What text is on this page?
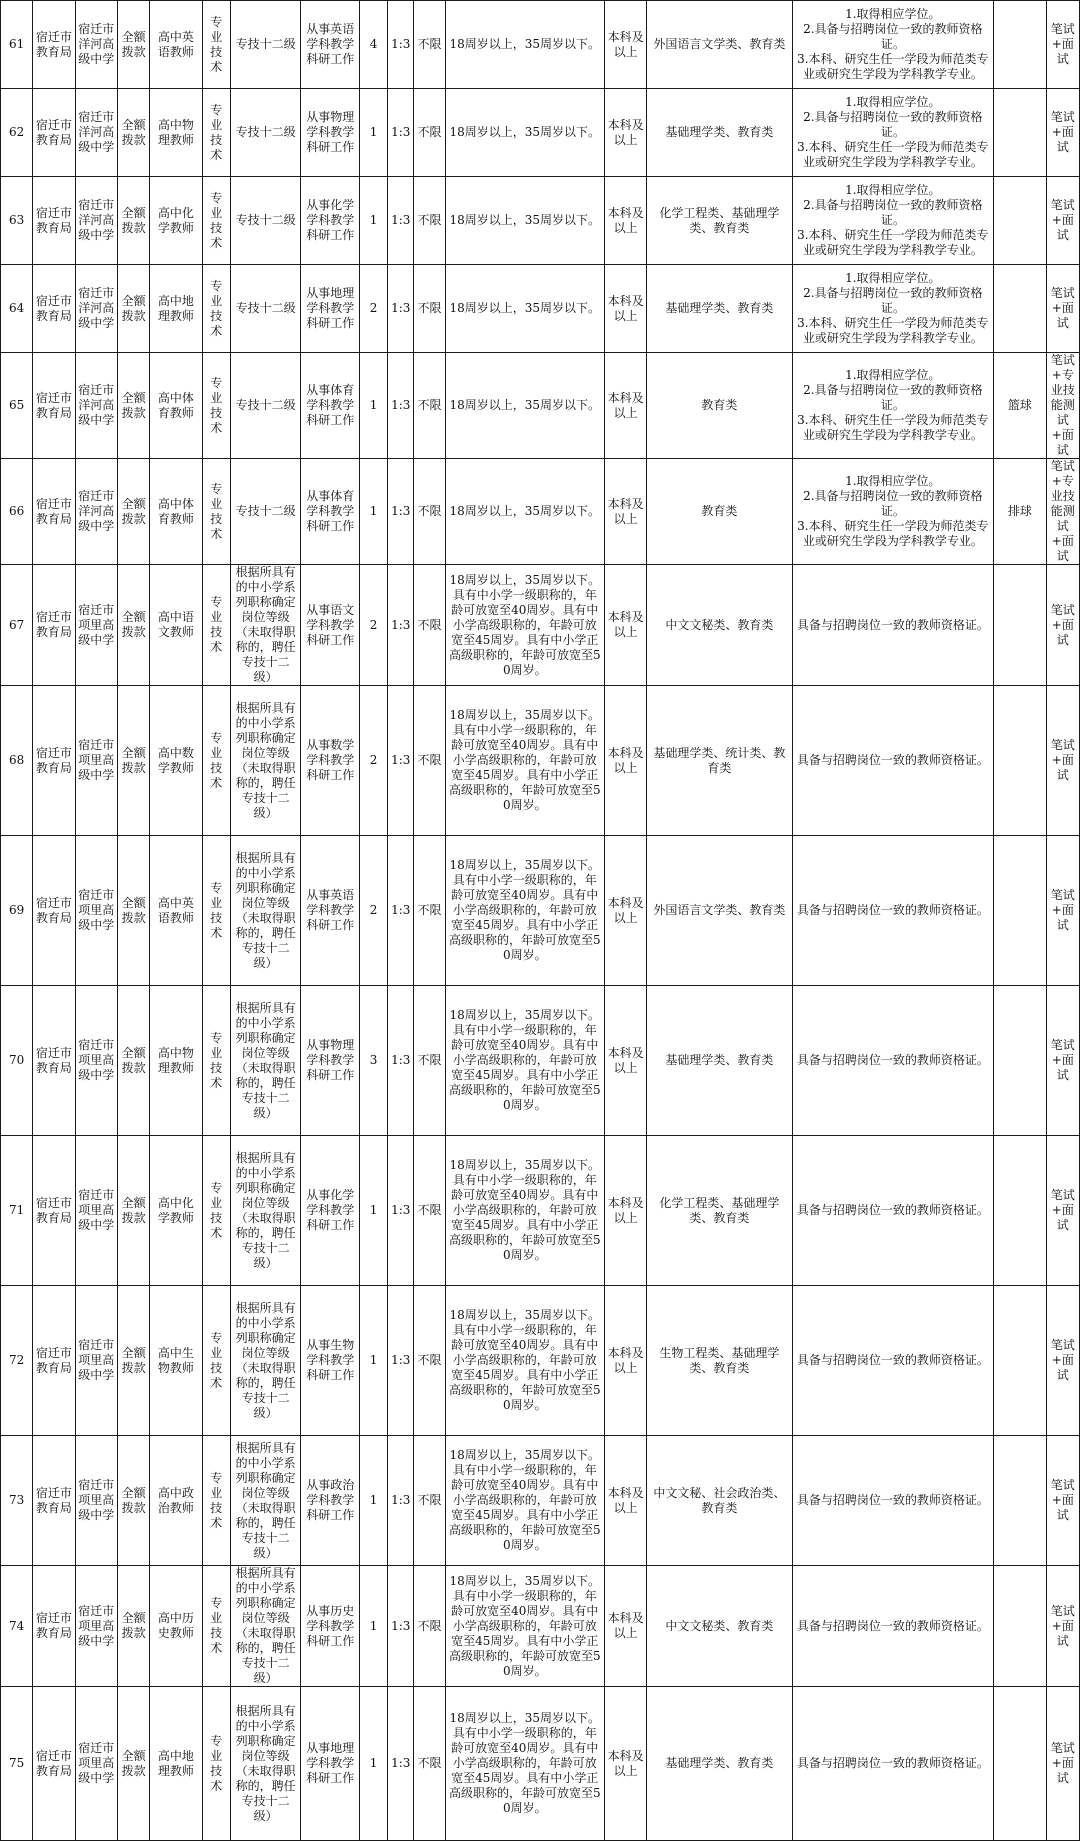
61	宿迁市教育局	宿迁市洋河高级中学	全额拨款	高中英语教师	专业技术	专技十二级	从事英语学科教学科研工作	4	1:3	不限	18周岁以上，35周岁以下。	本科及以上	外国语言文学类、教育类	1.取得相应学位。
2.具备与招聘岗位一致的教师资格证。
3.本科、研究生任一学段为师范类专业或研究生学段为学科教学专业。		笔试+面试
62	宿迁市教育局	宿迁市洋河高级中学	全额拨款	高中物理教师	专业技术	专技十二级	从事物理学科教学科研工作	1	1:3	不限	18周岁以上，35周岁以下。	本科及以上	基础理学类、教育类	1.取得相应学位。
2.具备与招聘岗位一致的教师资格证。
3.本科、研究生任一学段为师范类专业或研究生学段为学科教学专业。		笔试+面试
63	宿迁市教育局	宿迁市洋河高级中学	全额拨款	高中化学教师	专业技术	专技十二级	从事化学学科教学科研工作	1	1:3	不限	18周岁以上，35周岁以下。	本科及以上	化学工程类、基础理学类、教育类	1.取得相应学位。
2.具备与招聘岗位一致的教师资格证。
3.本科、研究生任一学段为师范类专业或研究生学段为学科教学专业。		笔试+面试
64	宿迁市教育局	宿迁市洋河高级中学	全额拨款	高中地理教师	专业技术	专技十二级	从事地理学科教学科研工作	2	1:3	不限	18周岁以上，35周岁以下。	本科及以上	基础理学类、教育类	1.取得相应学位。
2.具备与招聘岗位一致的教师资格证。
3.本科、研究生任一学段为师范类专业或研究生学段为学科教学专业。		笔试+面试
65	宿迁市教育局	宿迁市洋河高级中学	全额拨款	高中体育教师	专业技术	专技十二级	从事体育学科教学科研工作	1	1:3	不限	18周岁以上，35周岁以下。	本科及以上	教育类	1.取得相应学位。
2.具备与招聘岗位一致的教师资格证。
3.本科、研究生任一学段为师范类专业或研究生学段为学科教学专业。	篮球	笔试+专业技能测试+面试
66	宿迁市教育局	宿迁市洋河高级中学	全额拨款	高中体育教师	专业技术	专技十二级	从事体育学科教学科研工作	1	1:3	不限	18周岁以上，35周岁以下。	本科及以上	教育类	1.取得相应学位。
2.具备与招聘岗位一致的教师资格证。
3.本科、研究生任一学段为师范类专业或研究生学段为学科教学专业。	排球	笔试+专业技能测试+面试
67	宿迁市教育局	宿迁市项里高级中学	全额拨款	高中语文教师	专业技术	根据所具有的中小学系列职称确定岗位等级（未取得职称的，聘任专技十二级）	从事语文学科教学科研工作	2	1:3	不限	18周岁以上，35周岁以下。具有中小学一级职称的，年龄可放宽至40周岁。具有中小学高级职称的，年龄可放宽至45周岁。具有中小学正高级职称的，年龄可放宽至50周岁。	本科及以上	中文文秘类、教育类	具备与招聘岗位一致的教师资格证。		笔试+面试
68	宿迁市教育局	宿迁市项里高级中学	全额拨款	高中数学教师	专业技术	根据所具有的中小学系列职称确定岗位等级（未取得职称的，聘任专技十二级）	从事数学学科教学科研工作	2	1:3	不限	18周岁以上，35周岁以下。具有中小学一级职称的，年龄可放宽至40周岁。具有中小学高级职称的，年龄可放宽至45周岁。具有中小学正高级职称的，年龄可放宽至50周岁。	本科及以上	基础理学类、统计类、教育类	具备与招聘岗位一致的教师资格证。		笔试+面试
69	宿迁市教育局	宿迁市项里高级中学	全额拨款	高中英语教师	专业技术	根据所具有的中小学系列职称确定岗位等级（未取得职称的，聘任专技十二级）	从事英语学科教学科研工作	2	1:3	不限	18周岁以上，35周岁以下。具有中小学一级职称的，年龄可放宽至40周岁。具有中小学高级职称的，年龄可放宽至45周岁。具有中小学正高级职称的，年龄可放宽至50周岁。	本科及以上	外国语言文学类、教育类	具备与招聘岗位一致的教师资格证。		笔试+面试
70	宿迁市教育局	宿迁市项里高级中学	全额拨款	高中物理教师	专业技术	根据所具有的中小学系列职称确定岗位等级（未取得职称的，聘任专技十二级）	从事物理学科教学科研工作	3	1:3	不限	18周岁以上，35周岁以下。具有中小学一级职称的，年龄可放宽至40周岁。具有中小学高级职称的，年龄可放宽至45周岁。具有中小学正高级职称的，年龄可放宽至50周岁。	本科及以上	基础理学类、教育类	具备与招聘岗位一致的教师资格证。		笔试+面试
71	宿迁市教育局	宿迁市项里高级中学	全额拨款	高中化学教师	专业技术	根据所具有的中小学系列职称确定岗位等级（未取得职称的，聘任专技十二级）	从事化学学科教学科研工作	1	1:3	不限	18周岁以上，35周岁以下。具有中小学一级职称的，年龄可放宽至40周岁。具有中小学高级职称的，年龄可放宽至45周岁。具有中小学正高级职称的，年龄可放宽至50周岁。	本科及以上	化学工程类、基础理学类、教育类	具备与招聘岗位一致的教师资格证。		笔试+面试
72	宿迁市教育局	宿迁市项里高级中学	全额拨款	高中生物教师	专业技术	根据所具有的中小学系列职称确定岗位等级（未取得职称的，聘任专技十二级）	从事生物学科教学科研工作	1	1:3	不限	18周岁以上，35周岁以下。具有中小学一级职称的，年龄可放宽至40周岁。具有中小学高级职称的，年龄可放宽至45周岁。具有中小学正高级职称的，年龄可放宽至50周岁。	本科及以上	生物工程类、基础理学类、教育类	具备与招聘岗位一致的教师资格证。		笔试+面试
73	宿迁市教育局	宿迁市项里高级中学	全额拨款	高中政治教师	专业技术	根据所具有的中小学系列职称确定岗位等级（未取得职称的，聘任专技十二级）	从事政治学科教学科研工作	1	1:3	不限	18周岁以上，35周岁以下。具有中小学一级职称的，年龄可放宽至40周岁。具有中小学高级职称的，年龄可放宽至45周岁。具有中小学正高级职称的，年龄可放宽至50周岁。	本科及以上	中文文秘、社会政治类、教育类	具备与招聘岗位一致的教师资格证。		笔试+面试
74	宿迁市教育局	宿迁市项里高级中学	全额拨款	高中历史教师	专业技术	根据所具有的中小学系列职称确定岗位等级（未取得职称的，聘任专技十二级）	从事历史学科教学科研工作	1	1:3	不限	18周岁以上，35周岁以下。具有中小学一级职称的，年龄可放宽至40周岁。具有中小学高级职称的，年龄可放宽至45周岁。具有中小学正高级职称的，年龄可放宽至50周岁。	本科及以上	中文文秘类、教育类	具备与招聘岗位一致的教师资格证。		笔试+面试
75	宿迁市教育局	宿迁市项里高级中学	全额拨款	高中地理教师	专业技术	根据所具有的中小学系列职称确定岗位等级（未取得职称的，聘任专技十二级）	从事地理学科教学科研工作	1	1:3	不限	18周岁以上，35周岁以下。具有中小学一级职称的，年龄可放宽至40周岁。具有中小学高级职称的，年龄可放宽至45周岁。具有中小学正高级职称的，年龄可放宽至50周岁。	本科及以上	基础理学类、教育类	具备与招聘岗位一致的教师资格证。		笔试+面试
